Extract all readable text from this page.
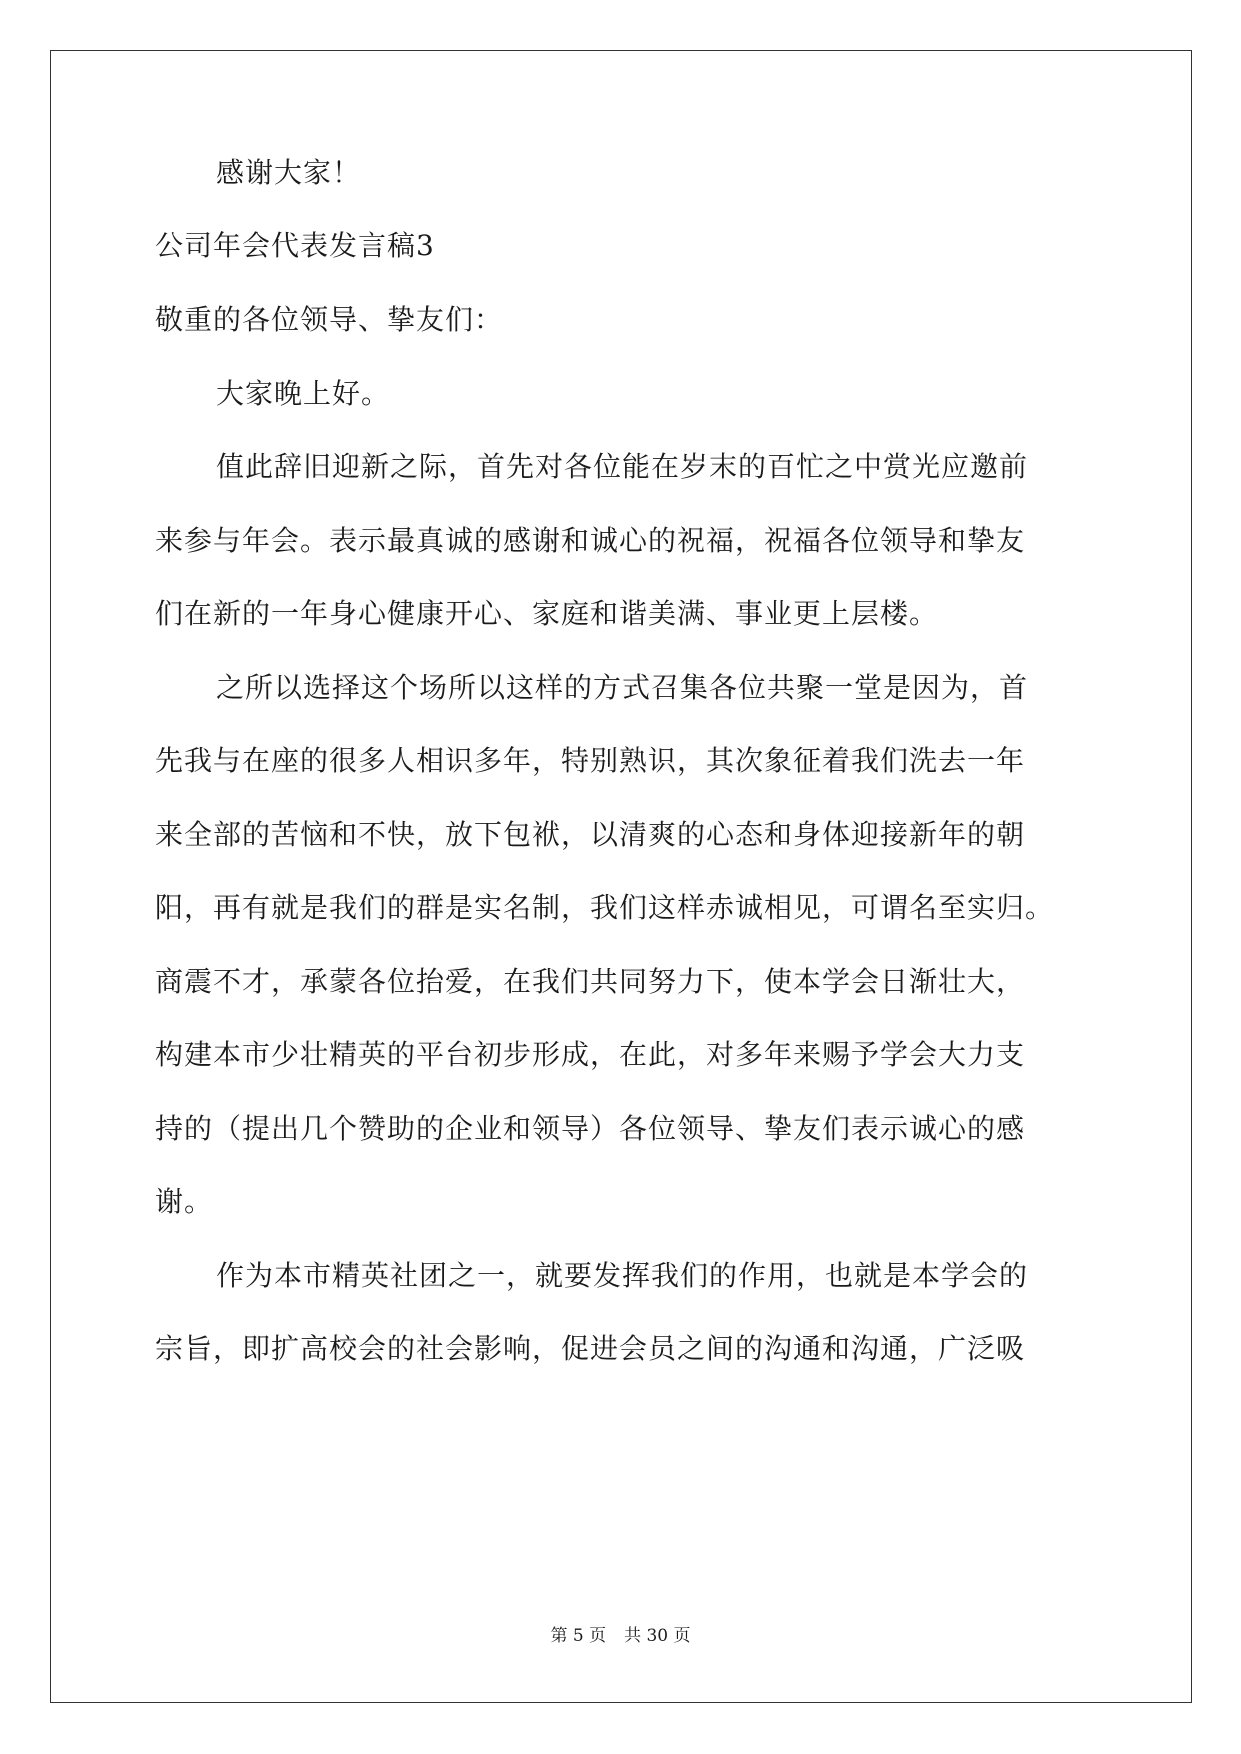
感谢大家！
公司年会代表发言稿3
敬重的各位领导、挚友们：
大家晚上好。
值此辞旧迎新之际，首先对各位能在岁末的百忙之中赏光应邀前
来参与年会。表示最真诚的感谢和诚心的祝福，祝福各位领导和挚友
们在新的一年身心健康开心、家庭和谐美满、事业更上层楼。
之所以选择这个场所以这样的方式召集各位共聚一堂是因为，首
先我与在座的很多人相识多年，特别熟识，其次象征着我们洗去一年
来全部的苦恼和不快，放下包袱，以清爽的心态和身体迎接新年的朝
阳，再有就是我们的群是实名制，我们这样赤诚相见，可谓名至实归。
商震不才，承蒙各位抬爱，在我们共同努力下，使本学会日渐壮大，
构建本市少壮精英的平台初步形成，在此，对多年来赐予学会大力支
持的（提出几个赞助的企业和领导）各位领导、挚友们表示诚心的感
谢。
作为本市精英社团之一，就要发挥我们的作用，也就是本学会的
宗旨，即扩高校会的社会影响，促进会员之间的沟通和沟通，广泛吸
第 5 页 共 30 页
